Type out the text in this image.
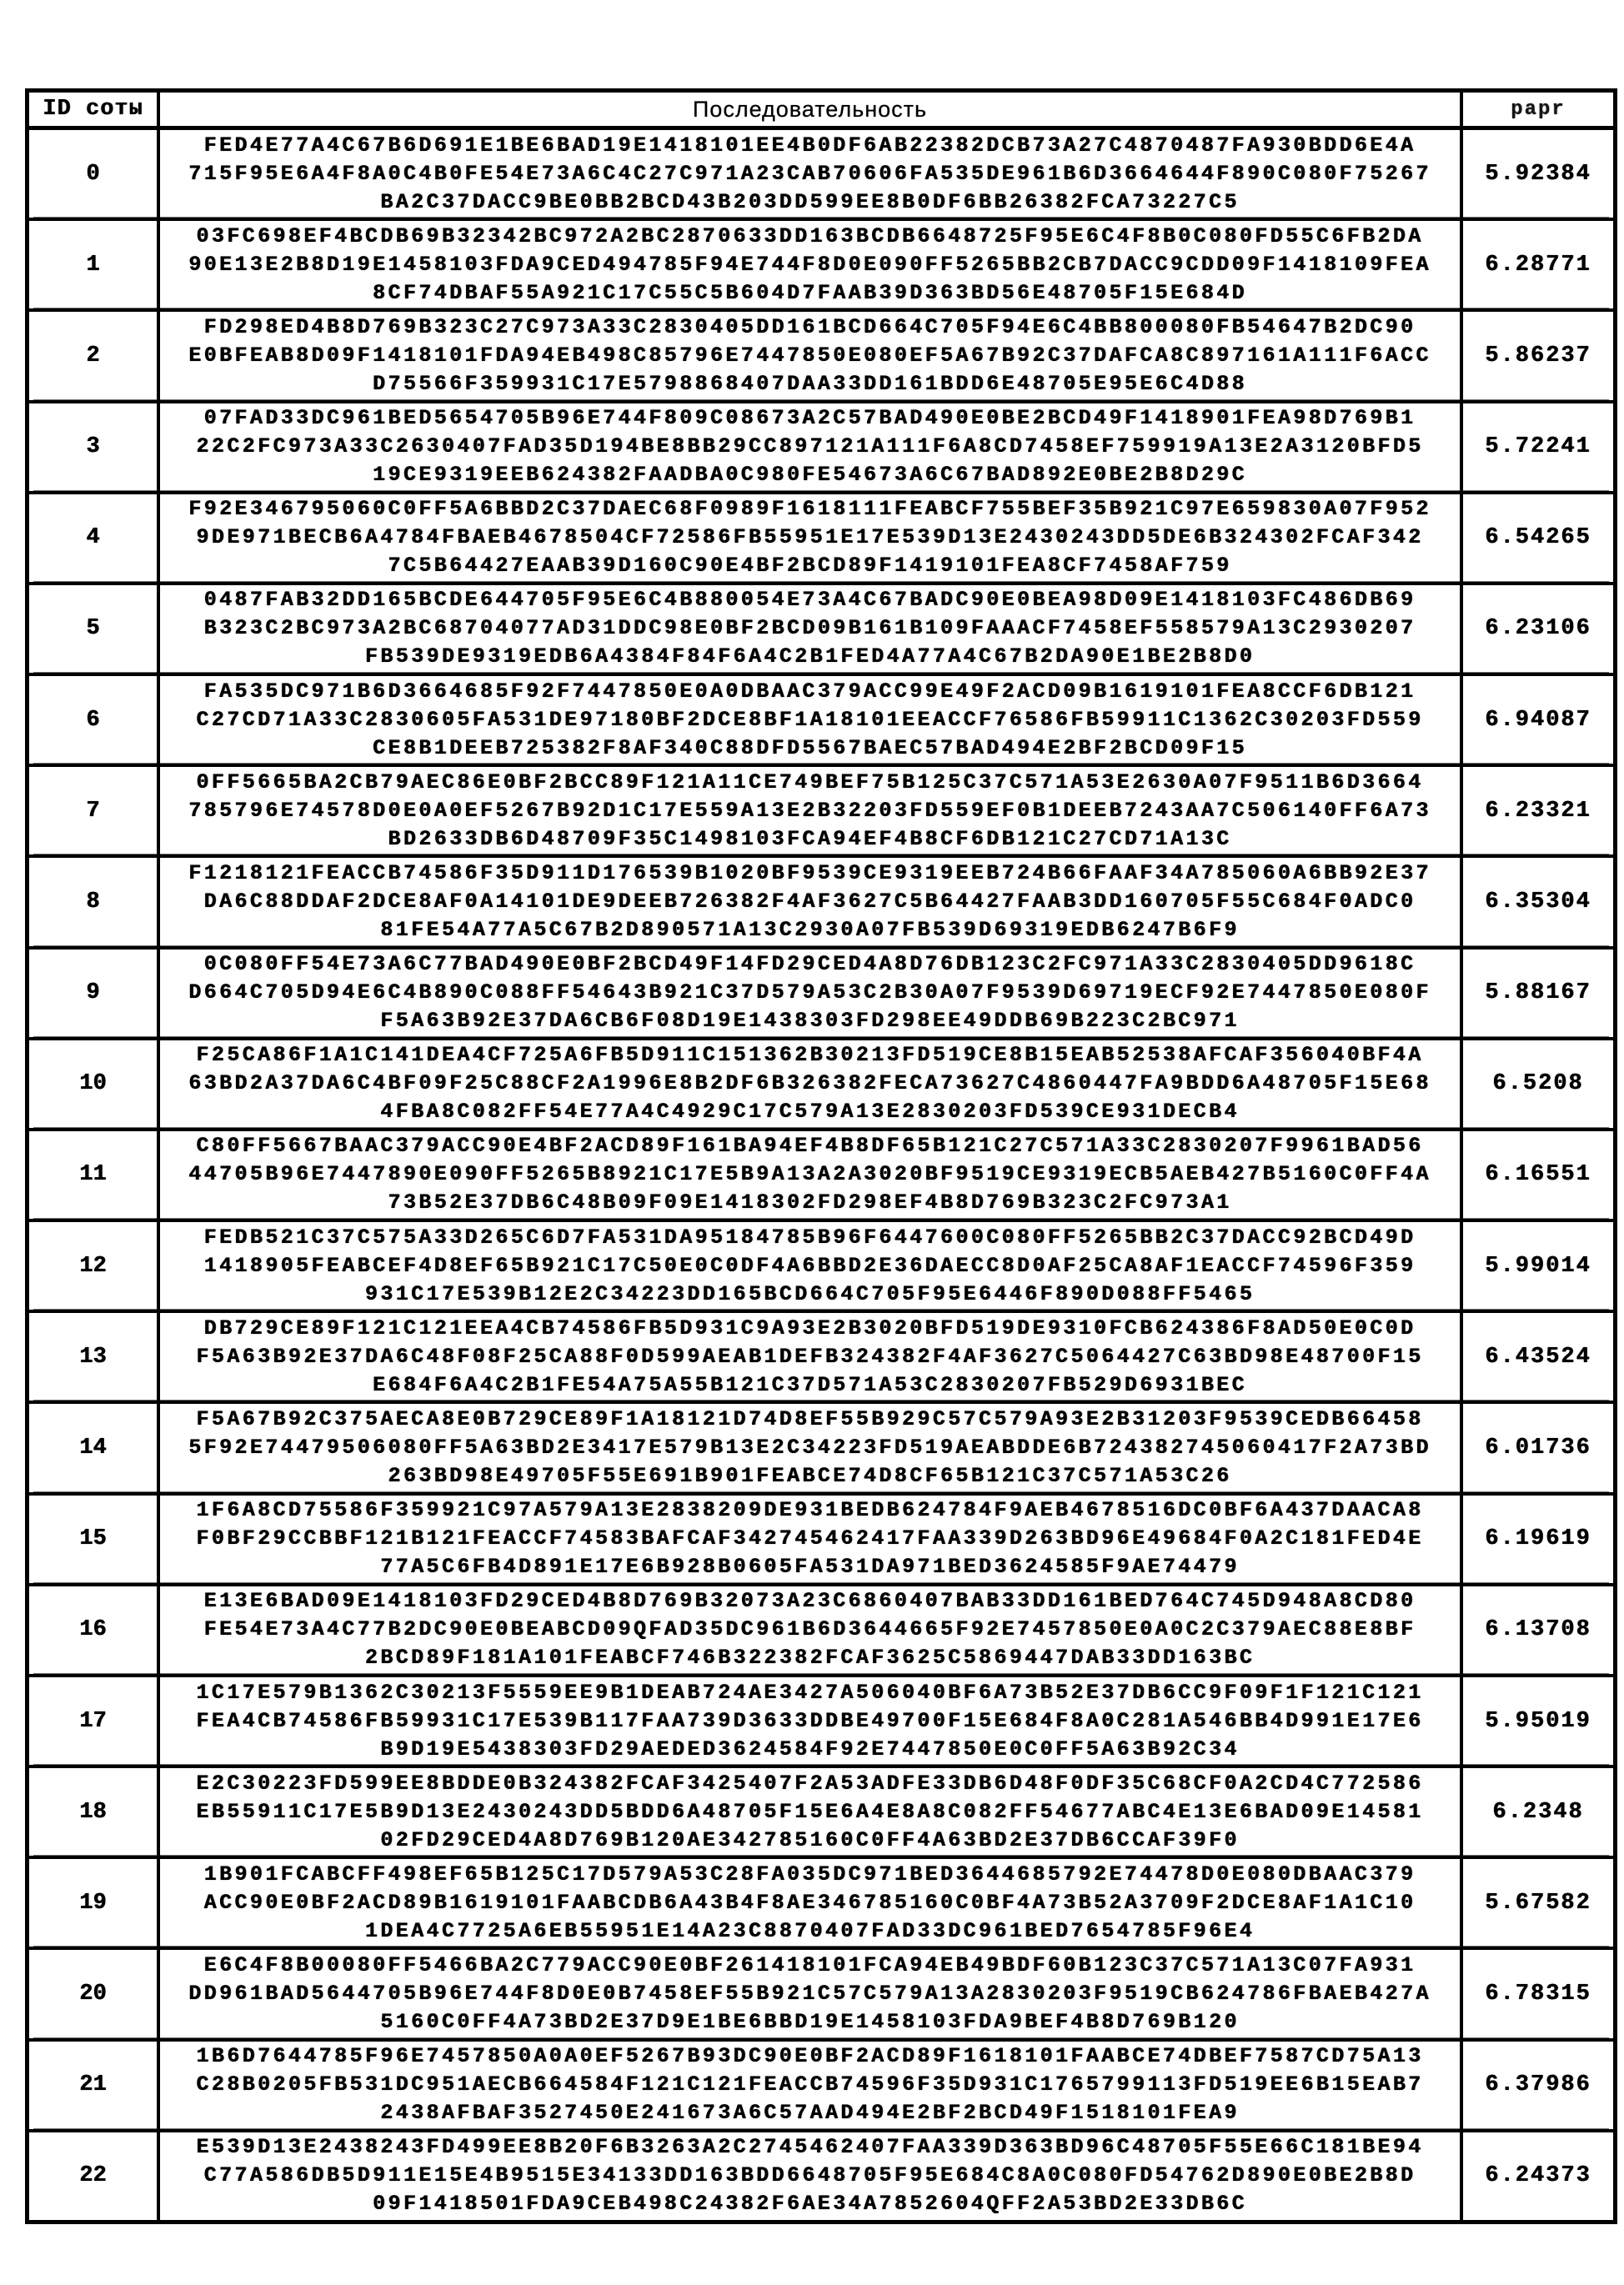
ID соты	Последовательность	papr
0
FED4E77A4C67B6D691E1BE6BAD19E1418101EE4B0DF6AB22382DCB73A27C4870487FA930BDD6E4A
715F95E6A4F8A0C4B0FE54E73A6C4C27C971A23CAB70606FA535DE961B6D3664644F890C080F75267
BA2C37DACC9BE0BB2BCD43B203DD599EE8B0DF6BB26382FCA73227C5
5.92384
1
03FC698EF4BCDB69B32342BC972A2BC2870633DD163BCDB6648725F95E6C4F8B0C080FD55C6FB2DA
90E13E2B8D19E1458103FDA9CED494785F94E744F8D0E090FF5265BB2CB7DACC9CDD09F1418109FEA
8CF74DBAF55A921C17C55C5B604D7FAAB39D363BD56E48705F15E684D
6.28771
2
FD298ED4B8D769B323C27C973A33C2830405DD161BCD664C705F94E6C4BB800080FB54647B2DC90
E0BFEAB8D09F1418101FDA94EB498C85796E7447850E080EF5A67B92C37DAFCA8C897161A111F6ACC
D75566F359931C17E5798868407DAA33DD161BDD6E48705E95E6C4D88
5.86237
3
07FAD33DC961BED5654705B96E744F809C08673A2C57BAD490E0BE2BCD49F1418901FEA98D769B1
22C2FC973A33C2630407FAD35D194BE8BB29CC897121A111F6A8CD7458EF759919A13E2A3120BFD5
19CE9319EEB624382FAADBA0C980FE54673A6C67BAD892E0BE2B8D29C
5.72241
4
F92E346795060C0FF5A6BBD2C37DAEC68F0989F1618111FEABCF755BEF35B921C97E659830A07F952
9DE971BECB6A4784FBAEB4678504CF72586FB55951E17E539D13E2430243DD5DE6B324302FCAF342
7C5B64427EAAB39D160C90E4BF2BCD89F1419101FEA8CF7458AF759
6.54265
5
0487FAB32DD165BCDE644705F95E6C4B880054E73A4C67BADC90E0BEA98D09E1418103FC486DB69
B323C2BC973A2BC68704077AD31DDC98E0BF2BCD09B161B109FAAACF7458EF558579A13C2930207
FB539DE9319EDB6A4384F84F6A4C2B1FED4A77A4C67B2DA90E1BE2B8D0
6.23106
6
FA535DC971B6D3664685F92F7447850E0A0DBAAC379ACC99E49F2ACD09B1619101FEA8CCF6DB121
C27CD71A33C2830605FA531DE97180BF2DCE8BF1A18101EEACCF76586FB59911C1362C30203FD559
CE8B1DEEB725382F8AF340C88DFD5567BAEC57BAD494E2BF2BCD09F15
6.94087
7
0FF5665BA2CB79AEC86E0BF2BCC89F121A11CE749BEF75B125C37C571A53E2630A07F9511B6D3664
785796E74578D0E0A0EF5267B92D1C17E559A13E2B32203FD559EF0B1DEEB7243AA7C506140FF6A73
BD2633DB6D48709F35C1498103FCA94EF4B8CF6DB121C27CD71A13C
6.23321
8
F1218121FEACCB74586F35D911D176539B1020BF9539CE9319EEB724B66FAAF34A785060A6BB92E37
DA6C88DDAF2DCE8AF0A14101DE9DEEB726382F4AF3627C5B64427FAAB3DD160705F55C684F0ADC0
81FE54A77A5C67B2D890571A13C2930A07FB539D69319EDB6247B6F9
6.35304
9
0C080FF54E73A6C77BAD490E0BF2BCD49F14FD29CED4A8D76DB123C2FC971A33C2830405DD9618C
D664C705D94E6C4B890C088FF54643B921C37D579A53C2B30A07F9539D69719ECF92E7447850E080F
F5A63B92E37DA6CB6F08D19E1438303FD298EE49DDB69B223C2BC971
5.88167
10
F25CA86F1A1C141DEA4CF725A6FB5D911C151362B30213FD519CE8B15EAB52538AFCAF356040BF4A
63BD2A37DA6C4BF09F25C88CF2A1996E8B2DF6B326382FECA73627C4860447FA9BDD6A48705F15E68
4FBA8C082FF54E77A4C4929C17C579A13E2830203FD539CE931DECB4
6.5208
11
C80FF5667BAAC379ACC90E4BF2ACD89F161BA94EF4B8DF65B121C27C571A33C2830207F9961BAD56
44705B96E7447890E090FF5265B8921C17E5B9A13A2A3020BF9519CE9319ECB5AEB427B5160C0FF4A
73B52E37DB6C48B09F09E1418302FD298EF4B8D769B323C2FC973A1
6.16551
12
FEDB521C37C575A33D265C6D7FA531DA95184785B96F6447600C080FF5265BB2C37DACC92BCD49D
1418905FEABCEF4D8EF65B921C17C50E0C0DF4A6BBD2E36DAECC8D0AF25CA8AF1EACCF74596F359
931C17E539B12E2C34223DD165BCD664C705F95E6446F890D088FF5465
5.99014
13
DB729CE89F121C121EEA4CB74586FB5D931C9A93E2B3020BFD519DE9310FCB624386F8AD50E0C0D
F5A63B92E37DA6C48F08F25CA88F0D599AEAB1DEFB324382F4AF3627C5064427C63BD98E48700F15
E684F6A4C2B1FE54A75A55B121C37D571A53C2830207FB529D6931BEC
6.43524
14
F5A67B92C375AECA8E0B729CE89F1A18121D74D8EF55B929C57C579A93E2B31203F9539CEDB66458
5F92E74479506080FF5A63BD2E3417E579B13E2C34223FD519AEABDDE6B724382745060417F2A73BD
263BD98E49705F55E691B901FEABCE74D8CF65B121C37C571A53C26
6.01736
15
1F6A8CD75586F359921C97A579A13E2838209DE931BEDB624784F9AEB4678516DC0BF6A437DAACA8
F0BF29CCBBF121B121FEACCF74583BAFCAF342745462417FAA339D263BD96E49684F0A2C181FED4E
77A5C6FB4D891E17E6B928B0605FA531DA971BED3624585F9AE74479
6.19619
16
E13E6BAD09E1418103FD29CED4B8D769B32073A23C6860407BAB33DD161BED764C745D948A8CD80
FE54E73A4C77B2DC90E0BEABCD09QFAD35DC961B6D3644665F92E7457850E0A0C2C379AEC88E8BF
2BCD89F181A101FEABCF746B322382FCAF3625C5869447DAB33DD163BC
6.13708
17
1C17E579B1362C30213F5559EE9B1DEAB724AE3427A506040BF6A73B52E37DB6CC9F09F1F121C121
FEA4CB74586FB59931C17E539B117FAA739D3633DDBE49700F15E684F8A0C281A546BB4D991E17E6
B9D19E5438303FD29AEDED3624584F92E7447850E0C0FF5A63B92C34
5.95019
18
E2C30223FD599EE8BDDE0B324382FCAF3425407F2A53ADFE33DB6D48F0DF35C68CF0A2CD4C772586
EB55911C17E5B9D13E2430243DD5BDD6A48705F15E6A4E8A8C082FF54677ABC4E13E6BAD09E14581
02FD29CED4A8D769B120AE342785160C0FF4A63BD2E37DB6CCAF39F0
6.2348
19
1B901FCABCFF498EF65B125C17D579A53C28FA035DC971BED3644685792E74478D0E080DBAAC379
ACC90E0BF2ACD89B1619101FAABCDB6A43B4F8AE346785160C0BF4A73B52A3709F2DCE8AF1A1C10
1DEA4C7725A6EB55951E14A23C8870407FAD33DC961BED7654785F96E4
5.67582
20
E6C4F8B00080FF5466BA2C779ACC90E0BF261418101FCA94EB49BDF60B123C37C571A13C07FA931
DD961BAD5644705B96E744F8D0E0B7458EF55B921C57C579A13A2830203F9519CB624786FBAEB427A
5160C0FF4A73BD2E37D9E1BE6BBD19E1458103FDA9BEF4B8D769B120
6.78315
21
1B6D7644785F96E7457850A0A0EF5267B93DC90E0BF2ACD89F1618101FAABCE74DBEF7587CD75A13
C28B0205FB531DC951AECB664584F121C121FEACCB74596F35D931C1765799113FD519EE6B15EAB7
2438AFBAF3527450E241673A6C57AAD494E2BF2BCD49F1518101FEA9
6.37986
22
E539D13E2438243FD499EE8B20F6B3263A2C2745462407FAA339D363BD96C48705F55E66C181BE94
C77A586DB5D911E15E4B9515E34133DD163BDD6648705F95E684C8A0C080FD54762D890E0BE2B8D
09F1418501FDA9CEB498C24382F6AE34A7852604QFF2A53BD2E33DB6C
6.24373
